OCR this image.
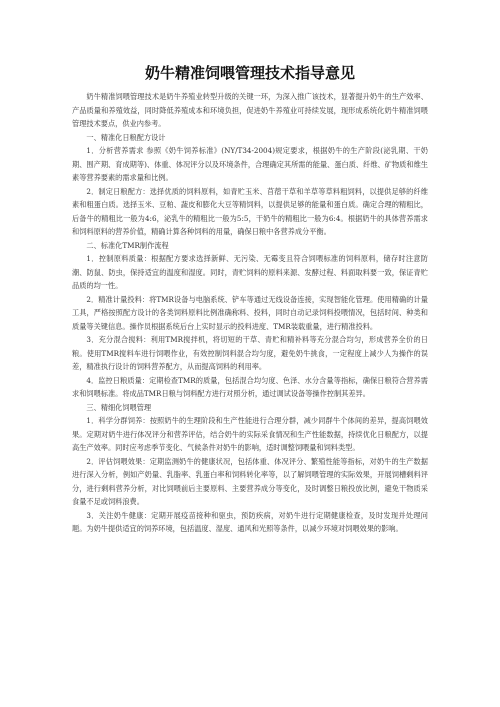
奶牛精准饲喂管理技术指导意见

奶牛精准饲喂管理技术是奶牛养殖业转型升级的关键一环，为深入推广该技术，显著提升奶牛的生产效率、产品质量和养殖效益，同时降低养殖成本和环境负担，促进奶牛养殖业可持续发展，现形成系统化奶牛精准饲喂管理技术要点，供业内参考。

一、精准化日粮配方设计

1．分析营养需求 参照《奶牛饲养标准》(NY/T34-2004)规定要求，根据奶牛的生产阶段(泌乳期、干奶期、围产期、育成期等)、体重、体况评分以及环境条件，合理确定其所需的能量、蛋白质、纤维、矿物质和维生素等营养要素的需求量和比例。

2．制定日粮配方：选择优质的饲料原料，如青贮玉米、苜蓿干草和羊草等草料粗饲料，以提供足够的纤维素和粗蛋白质。选择玉米、豆粕、蔬皮和膨化大豆等精饲料，以提供足够的能量和蛋白质。确定合理的精粗比，后备牛的精粗比一般为4:6，泌乳牛的精粗比一般为5:5，干奶牛的精粗比一般为6:4。根据奶牛的具体营养需求和饲料原料的营养价值，精确计算各种饲料的用量，确保日粮中各营养成分平衡。

二、标准化TMR制作流程

1．控制原料质量：根据配方要求选择新鲜、无污染、无霉变且符合饲喂标准的饲料原料，储存时注意防潮、防鼠、防虫，保持适宜的温度和湿度。同时，青贮饲料的原料来源、发酵过程、料面取料要一致，保证青贮品质的均一性。

2．精准计量投料：将TMR设备与电脑系统、铲车等通过无线设备连接，实现智能化管理。使用精确的计量工具，严格按照配方设计的各类饲料原料比例准确称料、投料，同时自动记录饲料投喂情况，包括时间、种类和质量等关键信息。操作员根据系统后台上实时显示的投料进度、TMR装载重量，进行精准投料。

3．充分混合搅料：利用TMR搅拌机，将切短的干草、青贮和精补料等充分混合均匀，形成营养全价的日粮。使用TMR搅料车进行饲喂作业，有效控制饲料混合均匀度，避免奶牛挑食，一定程度上减少人为操作的误差，精准执行设计的饲料营养配方，从而提高饲料的利用率。

4．监控日粮质量：定期检查TMR的质量，包括混合均匀度、色泽、水分含量等指标，确保日粮符合营养需求和饲喂标准。将成品TMR日粮与饲料配方进行对照分析，通过调试设备等操作控制其差异。

三、精细化饲喂管理

1．科学分群饲养：按照奶牛的生理阶段和生产性能进行合理分群，减少同群牛个体间的差异，提高饲喂效果。定期对奶牛进行体况评分和营养评估，结合奶牛的实际采食情况和生产性能数据，持续优化日粮配方，以提高生产效率。同时应考虑季节变化、气候条件对奶牛的影响，适时调整饲喂量和饲料类型。

2．评估饲喂效果：定期监测奶牛的健康状况，包括体重、体况评分、繁殖性能等指标，对奶牛的生产数据进行深入分析，例如产奶量、乳脂率、乳蛋白率和饲料转化率等，以了解饲喂管理的实际效果，开展饲槽剩料评分，进行剩料营养分析，对比饲喂前后主要原料、主要营养成分等变化，及时调整日粮投放比例，避免干物质采食量不足或饲料浪费。

3．关注奶牛健康：定期开展疫苗接种和驱虫，预防疾病，对奶牛进行定期健康检查，及时发现并处理问题。为奶牛提供适宜的饲养环境，包括温度、湿度、通风和光照等条件，以减少环境对饲喂效果的影响。
